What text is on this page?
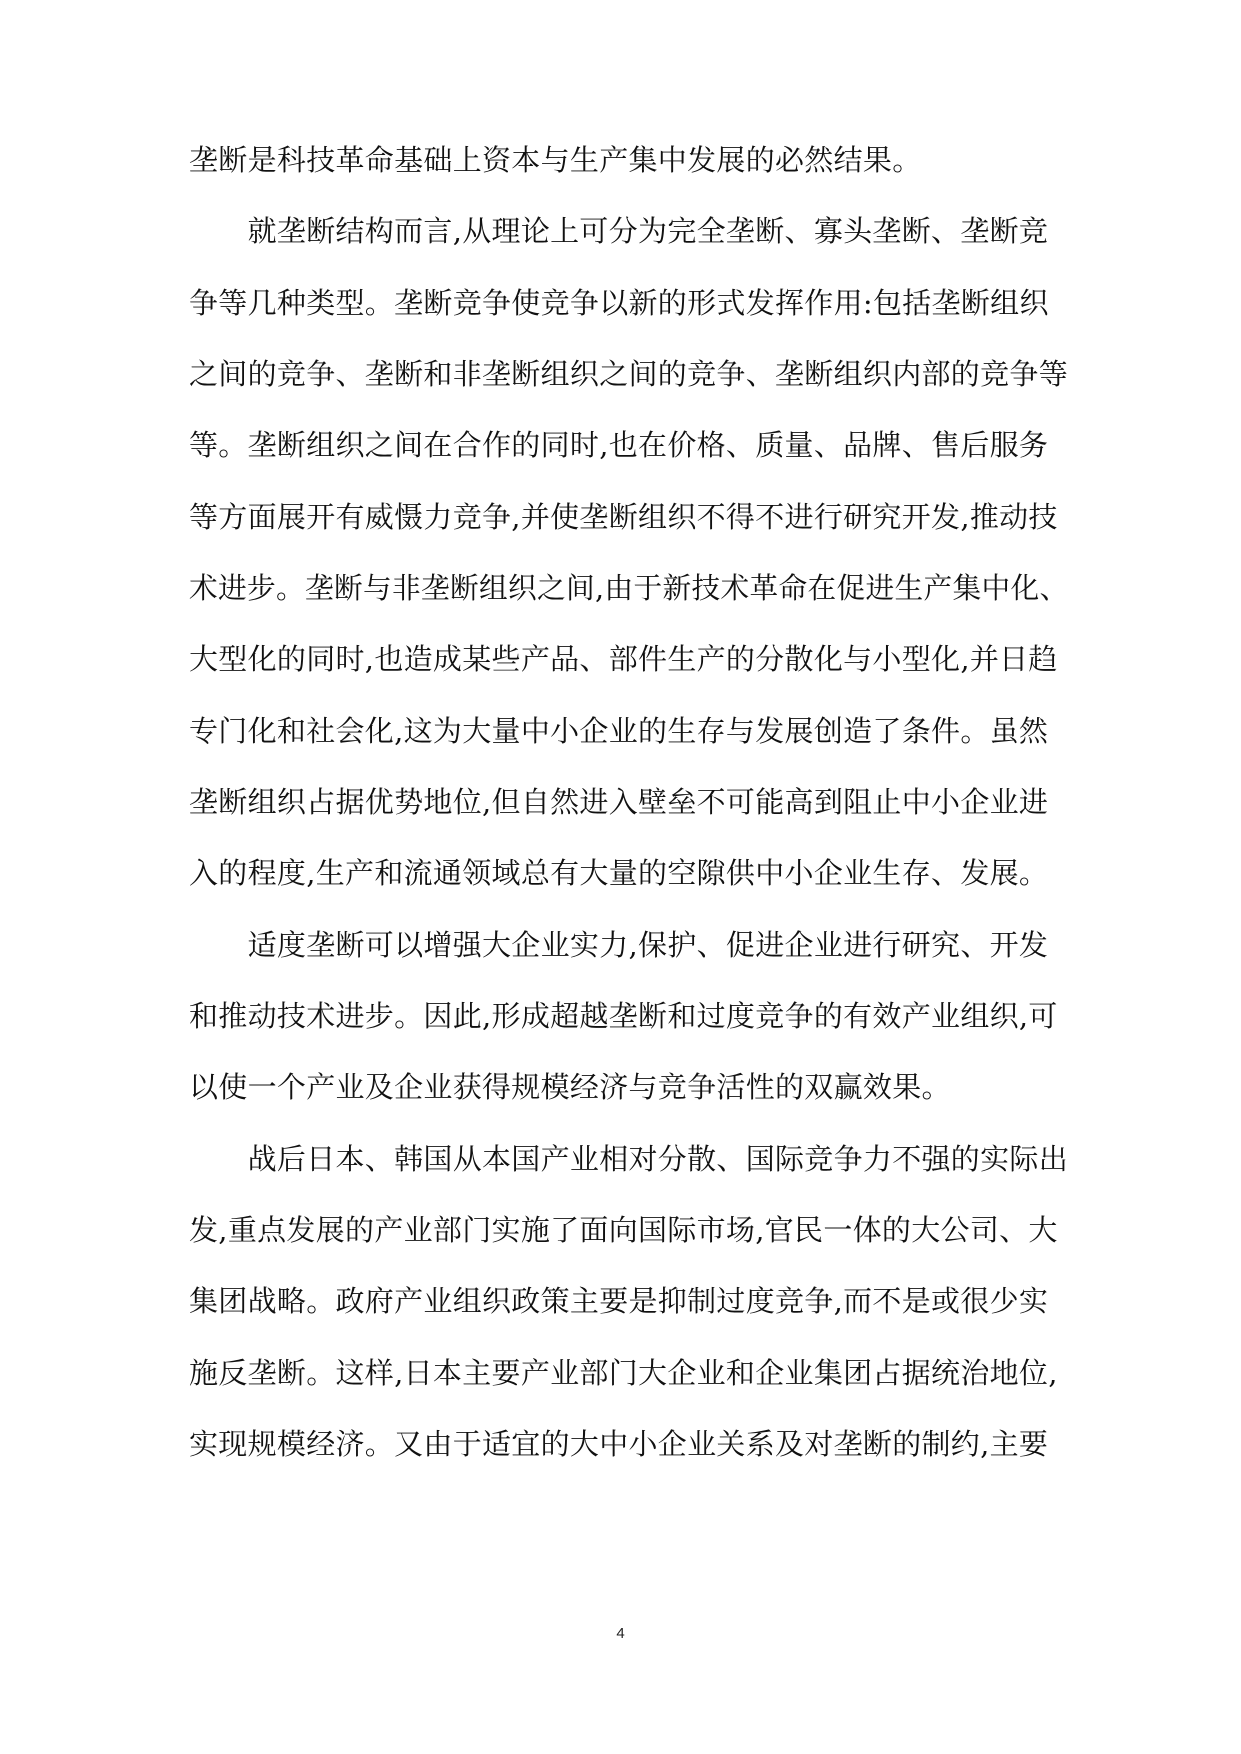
垄断是科技革命基础上资本与生产集中发展的必然结果。
　　就垄断结构而言,从理论上可分为完全垄断、寡头垄断、垄断竞
争等几种类型。垄断竞争使竞争以新的形式发挥作用:包括垄断组织
之间的竞争、垄断和非垄断组织之间的竞争、垄断组织内部的竞争等
等。垄断组织之间在合作的同时,也在价格、质量、品牌、售后服务
等方面展开有威慑力竞争,并使垄断组织不得不进行研究开发,推动技
术进步。垄断与非垄断组织之间,由于新技术革命在促进生产集中化、
大型化的同时,也造成某些产品、部件生产的分散化与小型化,并日趋
专门化和社会化,这为大量中小企业的生存与发展创造了条件。虽然
垄断组织占据优势地位,但自然进入壁垒不可能高到阻止中小企业进
入的程度,生产和流通领域总有大量的空隙供中小企业生存、发展。
　　适度垄断可以增强大企业实力,保护、促进企业进行研究、开发
和推动技术进步。因此,形成超越垄断和过度竞争的有效产业组织,可
以使一个产业及企业获得规模经济与竞争活性的双赢效果。
　　战后日本、韩国从本国产业相对分散、国际竞争力不强的实际出
发,重点发展的产业部门实施了面向国际市场,官民一体的大公司、大
集团战略。政府产业组织政策主要是抑制过度竞争,而不是或很少实
施反垄断。这样,日本主要产业部门大企业和企业集团占据统治地位,
实现规模经济。又由于适宜的大中小企业关系及对垄断的制约,主要
4
